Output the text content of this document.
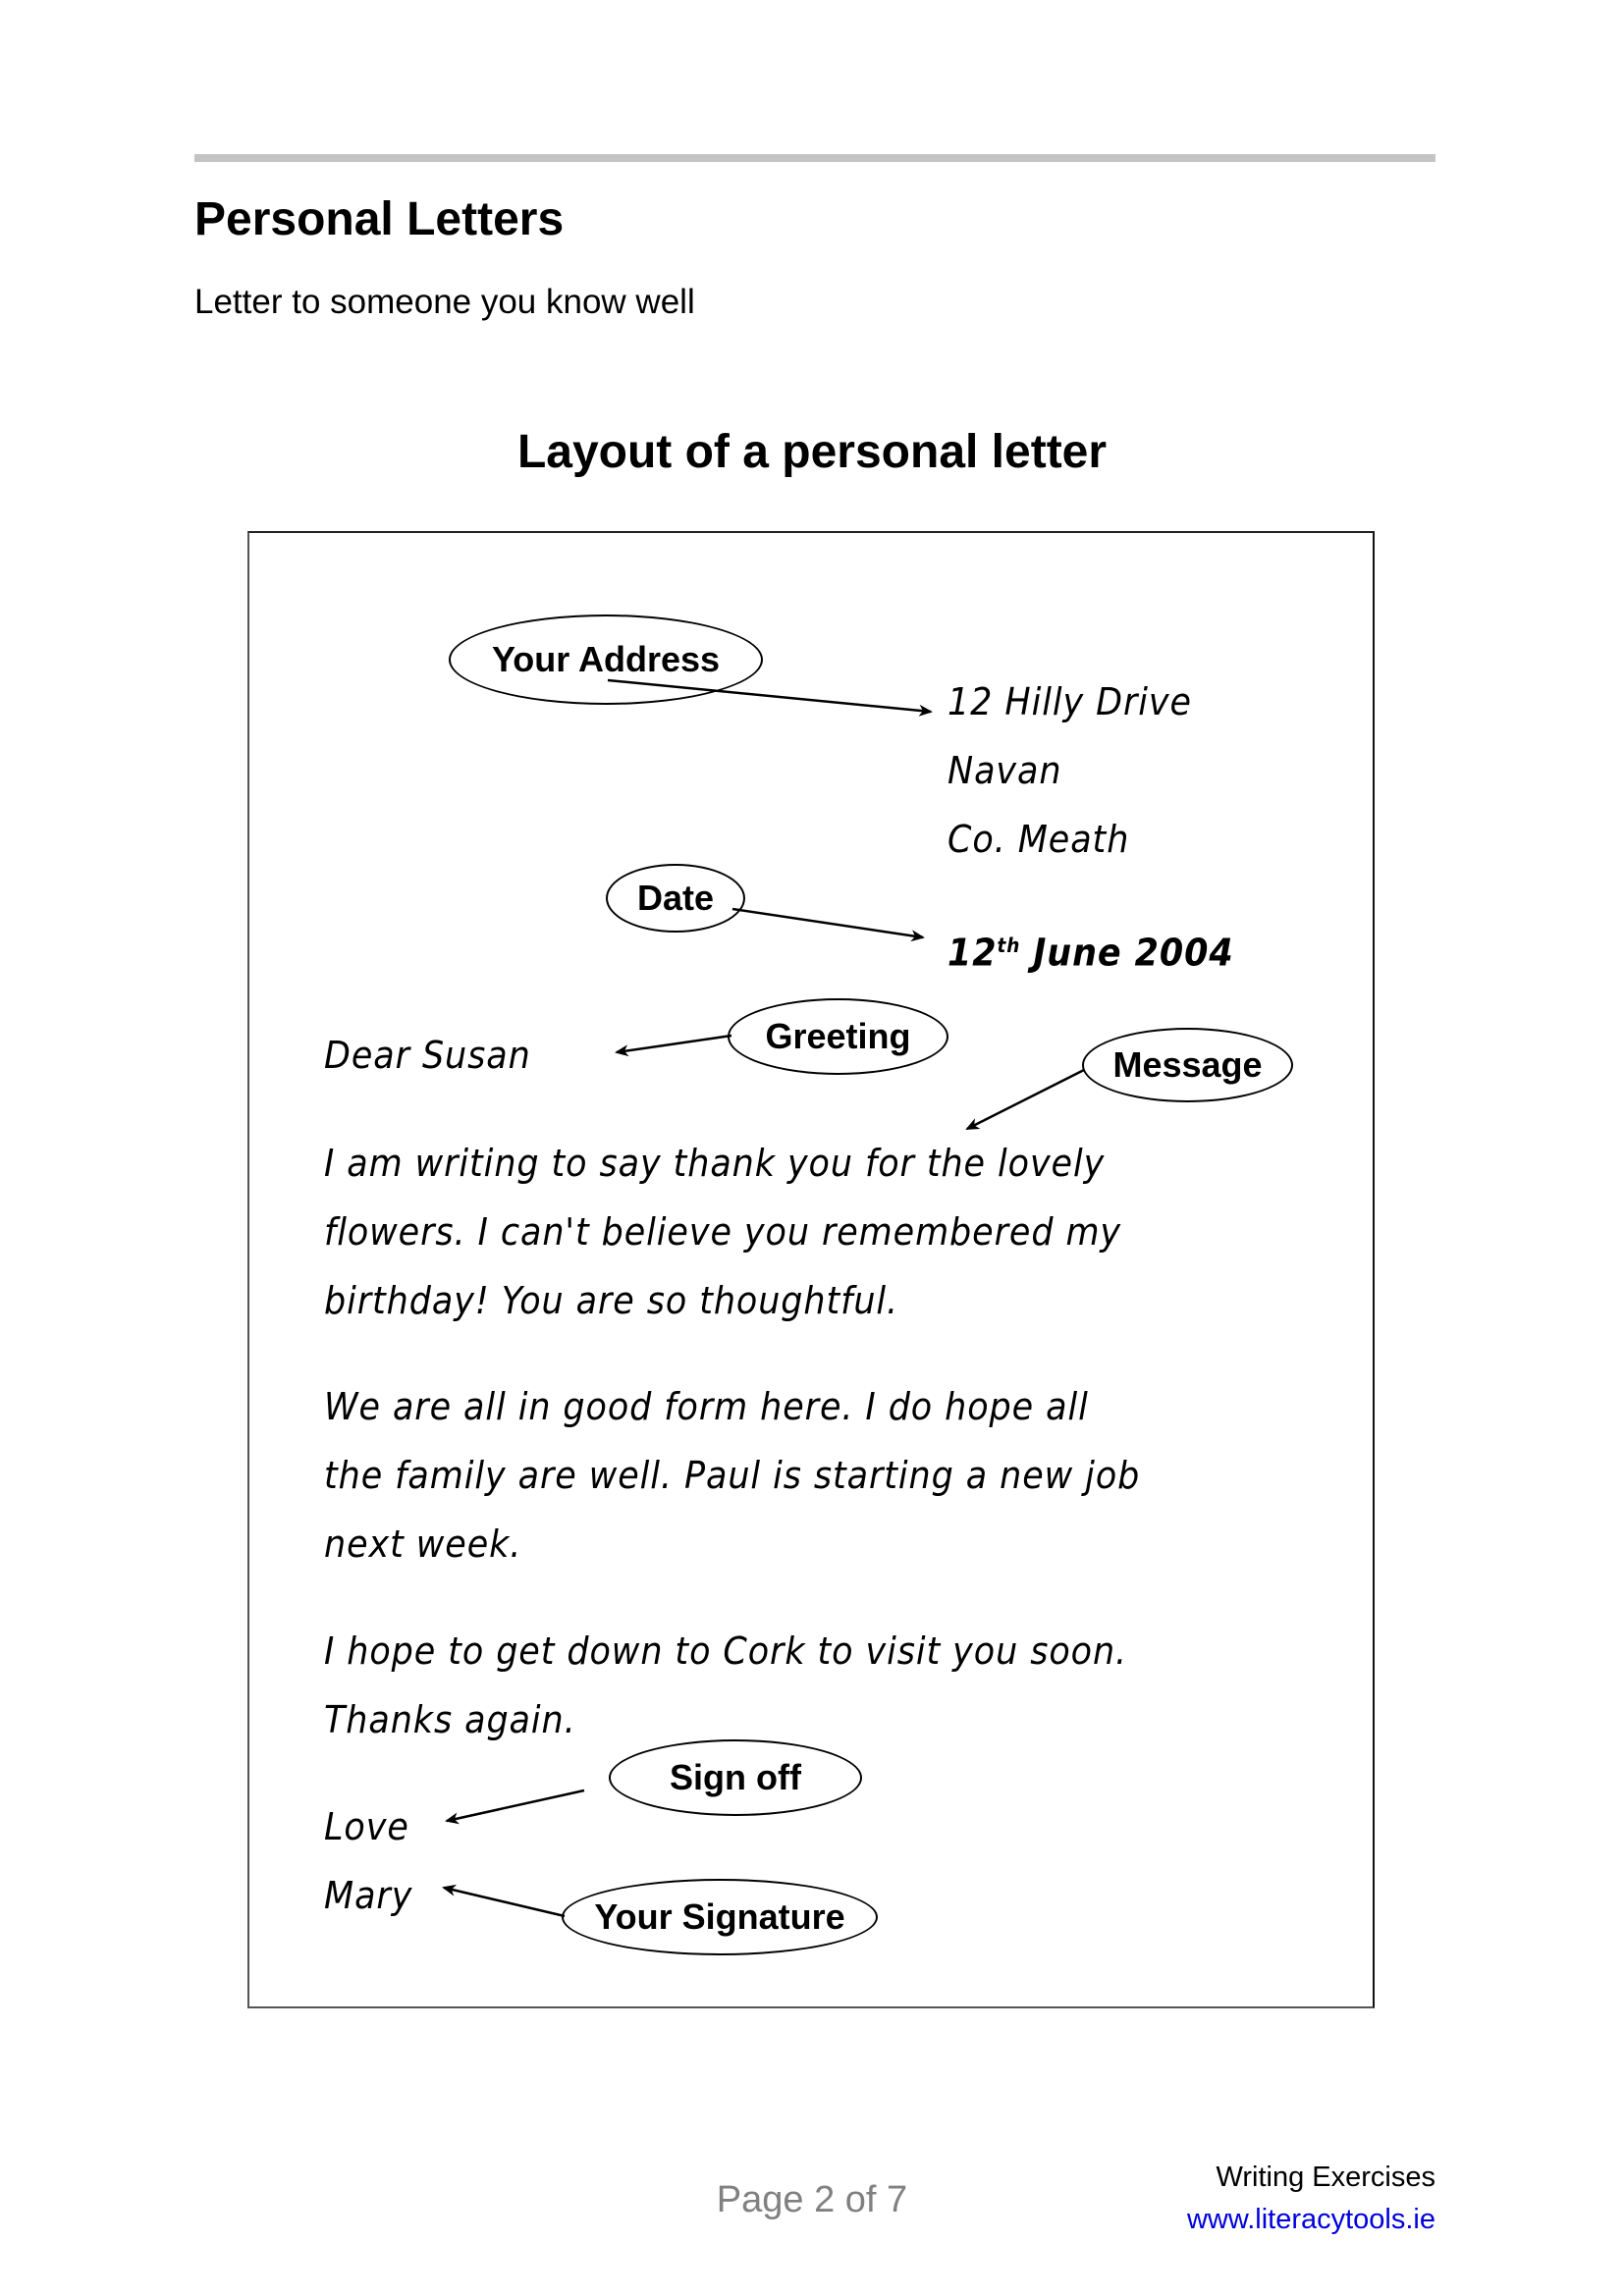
Personal Letters
Letter to someone you know well
Layout of a personal letter
12 Hilly Drive
Navan
Co. Meath
12th June 2004
Dear Susan
I am writing to say thank you for the lovely
flowers. I can't believe you remembered my
birthday! You are so thoughtful.
We are all in good form here. I do hope all
the family are well. Paul is starting a new job
next week.
I hope to get down to Cork to visit you soon.
Thanks again.
Love
Mary
Your Address
Date
Greeting
Message
Sign off
Your Signature
Page 2 of 7
Writing Exercises
www.literacytools.ie
